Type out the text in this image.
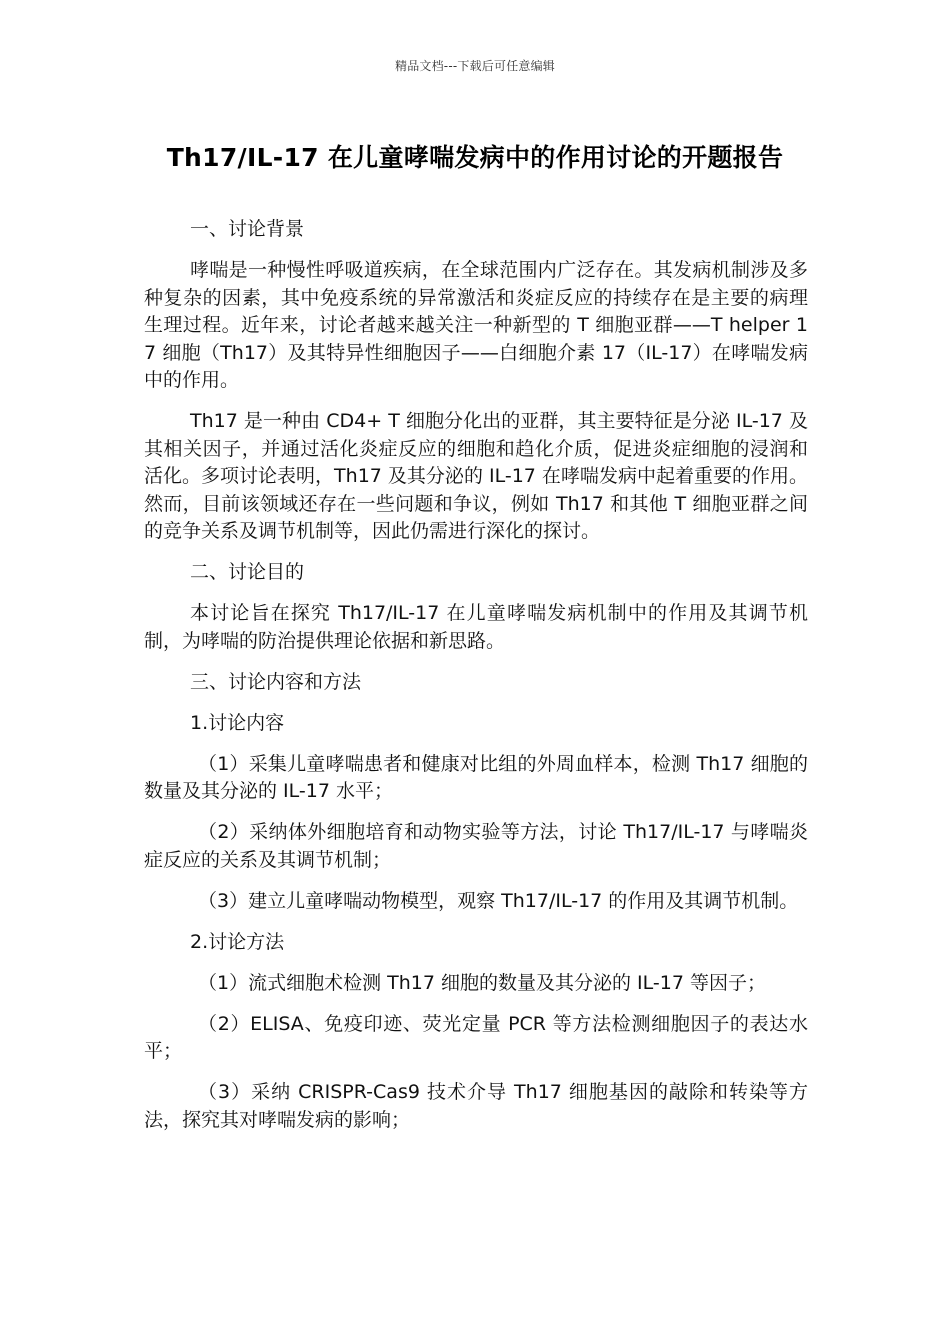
精品文档---下载后可任意编辑
Th17/IL-17 在儿童哮喘发病中的作用讨论的开题报告

一、讨论背景

哮喘是一种慢性呼吸道疾病，在全球范围内广泛存在。其发病机制涉及多种复杂的因素，其中免疫系统的异常激活和炎症反应的持续存在是主要的病理生理过程。近年来，讨论者越来越关注一种新型的 T 细胞亚群——T helper 17 细胞（Th17）及其特异性细胞因子——白细胞介素 17（IL-17）在哮喘发病中的作用。

Th17 是一种由 CD4+ T 细胞分化出的亚群，其主要特征是分泌 IL-17 及其相关因子，并通过活化炎症反应的细胞和趋化介质，促进炎症细胞的浸润和活化。多项讨论表明，Th17 及其分泌的 IL-17 在哮喘发病中起着重要的作用。然而，目前该领域还存在一些问题和争议，例如 Th17 和其他 T 细胞亚群之间的竞争关系及调节机制等，因此仍需进行深化的探讨。

二、讨论目的

本讨论旨在探究 Th17/IL-17 在儿童哮喘发病机制中的作用及其调节机制，为哮喘的防治提供理论依据和新思路。

三、讨论内容和方法

1.讨论内容

（1）采集儿童哮喘患者和健康对比组的外周血样本，检测 Th17 细胞的数量及其分泌的 IL-17 水平；

（2）采纳体外细胞培育和动物实验等方法，讨论 Th17/IL-17 与哮喘炎症反应的关系及其调节机制；

（3）建立儿童哮喘动物模型，观察 Th17/IL-17 的作用及其调节机制。

2.讨论方法

（1）流式细胞术检测 Th17 细胞的数量及其分泌的 IL-17 等因子；

（2）ELISA、免疫印迹、荧光定量 PCR 等方法检测细胞因子的表达水平；

（3）采纳 CRISPR-Cas9 技术介导 Th17 细胞基因的敲除和转染等方法，探究其对哮喘发病的影响；
